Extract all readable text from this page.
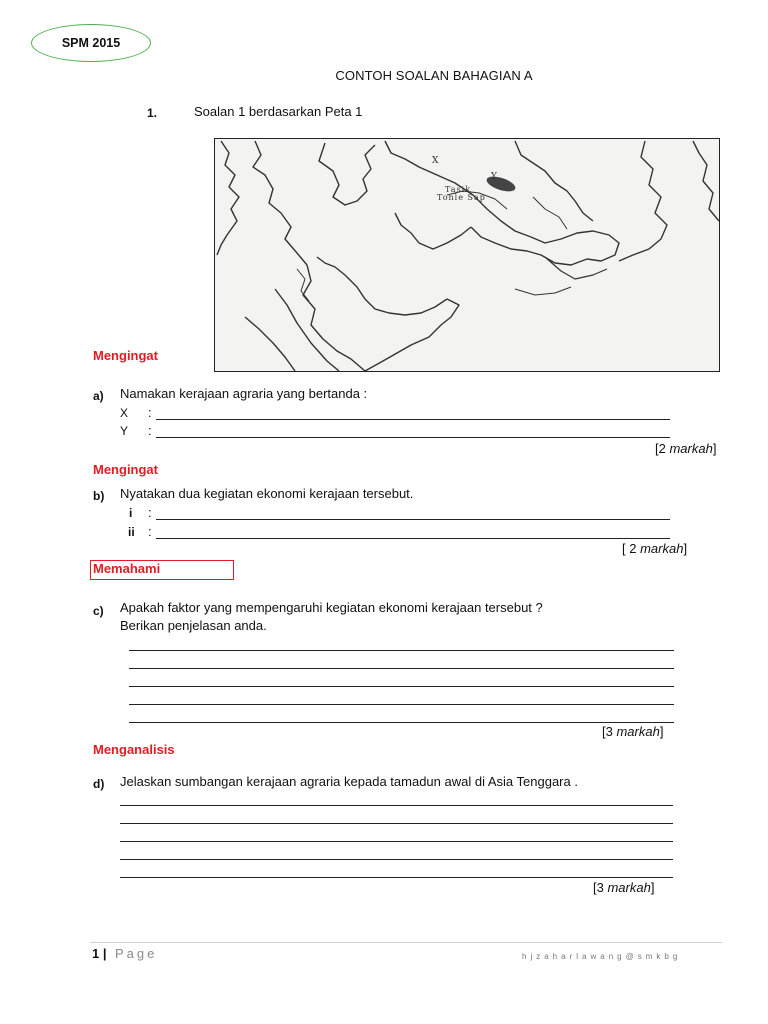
SPM 2015
CONTOH SOALAN BAHAGIAN A
1.	Soalan 1 berdasarkan Peta 1
X
Y
Tasik
Tonle Sap
Mengingat
a) Namakan kerajaan agraria yang bertanda :
X :
Y :
[2 markah]
Mengingat
b) Nyatakan dua kegiatan ekonomi kerajaan tersebut.
i :
ii :
[ 2 markah]
Memahami
c) Apakah faktor yang mempengaruhi kegiatan ekonomi kerajaan tersebut ?
Berikan penjelasan anda.
[3 markah]
Menganalisis
d) Jelaskan sumbangan kerajaan agraria kepada tamadun awal di Asia Tenggara .
[3 markah]
1 | Page	hjzaharlawang@smkbg
